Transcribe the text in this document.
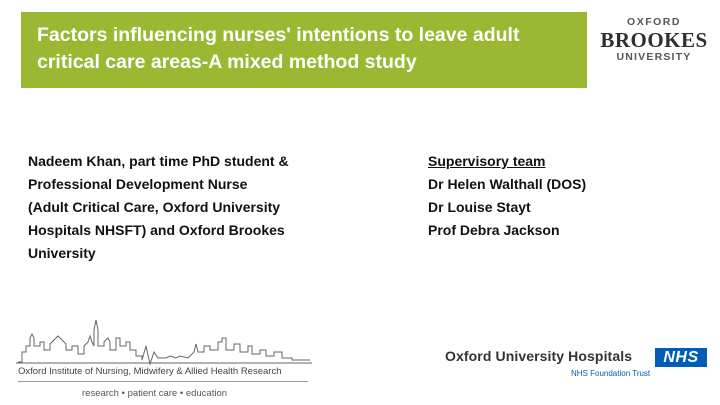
Factors influencing nurses' intentions to leave adult
critical care areas-A mixed method study
OXFORD
BROOKES
UNIVERSITY
Nadeem Khan, part time PhD student &
Professional Development Nurse
(Adult Critical Care, Oxford University
Hospitals NHSFT) and Oxford Brookes
University
Supervisory team
Dr Helen Walthall (DOS)
Dr Louise Stayt
Prof Debra Jackson
Oxford Institute of Nursing, Midwifery & Allied Health Research
research • patient care • education
Oxford University Hospitals	NHS
NHS Foundation Trust
